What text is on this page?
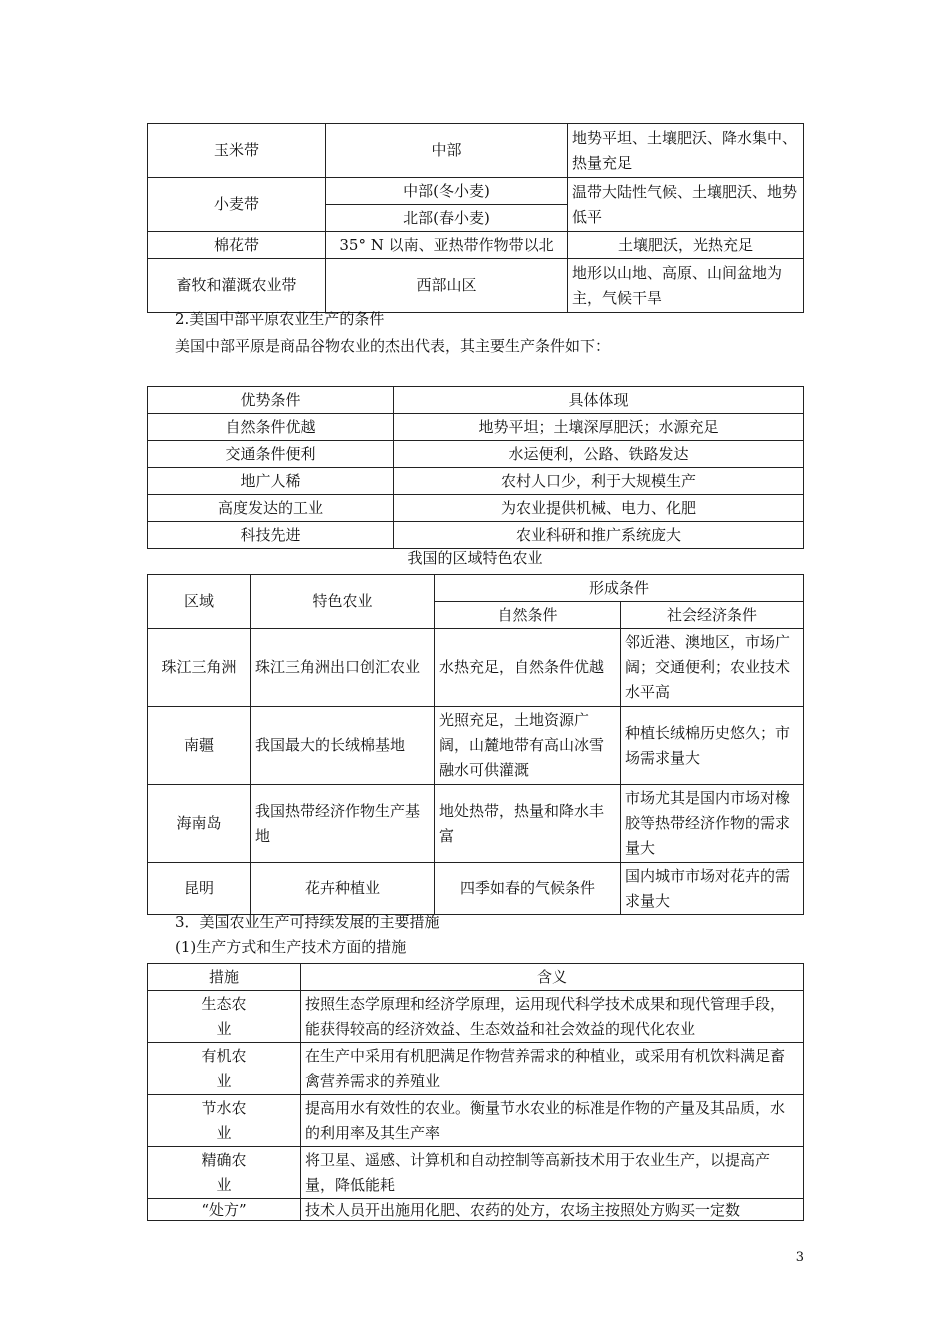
玉米带	中部	地势平坦、土壤肥沃、降水集中、热量充足
小麦带	中部(冬小麦)	温带大陆性气候、土壤肥沃、地势低平
	北部(春小麦)	
棉花带	35° N 以南、亚热带作物带以北	土壤肥沃，光热充足
畜牧和灌溉农业带	西部山区	地形以山地、高原、山间盆地为主，气候干旱
2.美国中部平原农业生产的条件
美国中部平原是商品谷物农业的杰出代表，其主要生产条件如下：
优势条件	具体体现
自然条件优越	地势平坦；土壤深厚肥沃；水源充足
交通条件便利	水运便利，公路、铁路发达
地广人稀	农村人口少，利于大规模生产
高度发达的工业	为农业提供机械、电力、化肥
科技先进	农业科研和推广系统庞大
我国的区域特色农业
区域	特色农业	形成条件	
		自然条件	社会经济条件
珠江三角洲	珠江三角洲出口创汇农业	水热充足，自然条件优越	邻近港、澳地区，市场广阔；交通便利；农业技术水平高
南疆	我国最大的长绒棉基地	光照充足，土地资源广阔，山麓地带有高山冰雪融水可供灌溉	种植长绒棉历史悠久；市场需求量大
海南岛	我国热带经济作物生产基地	地处热带，热量和降水丰富	市场尤其是国内市场对橡胶等热带经济作物的需求量大
昆明	花卉种植业	四季如春的气候条件	国内城市市场对花卉的需求量大
3．美国农业生产可持续发展的主要措施
(1)生产方式和生产技术方面的措施
措施	含义
生态农业	按照生态学原理和经济学原理，运用现代科学技术成果和现代管理手段，能获得较高的经济效益、生态效益和社会效益的现代化农业
有机农业	在生产中采用有机肥满足作物营养需求的种植业，或采用有机饮料满足畜禽营养需求的养殖业
节水农业	提高用水有效性的农业。衡量节水农业的标准是作物的产量及其品质，水的利用率及其生产率
精确农业	将卫星、遥感、计算机和自动控制等高新技术用于农业生产，以提高产量，降低能耗
“处方”	技术人员开出施用化肥、农药的处方，农场主按照处方购买一定数
3
